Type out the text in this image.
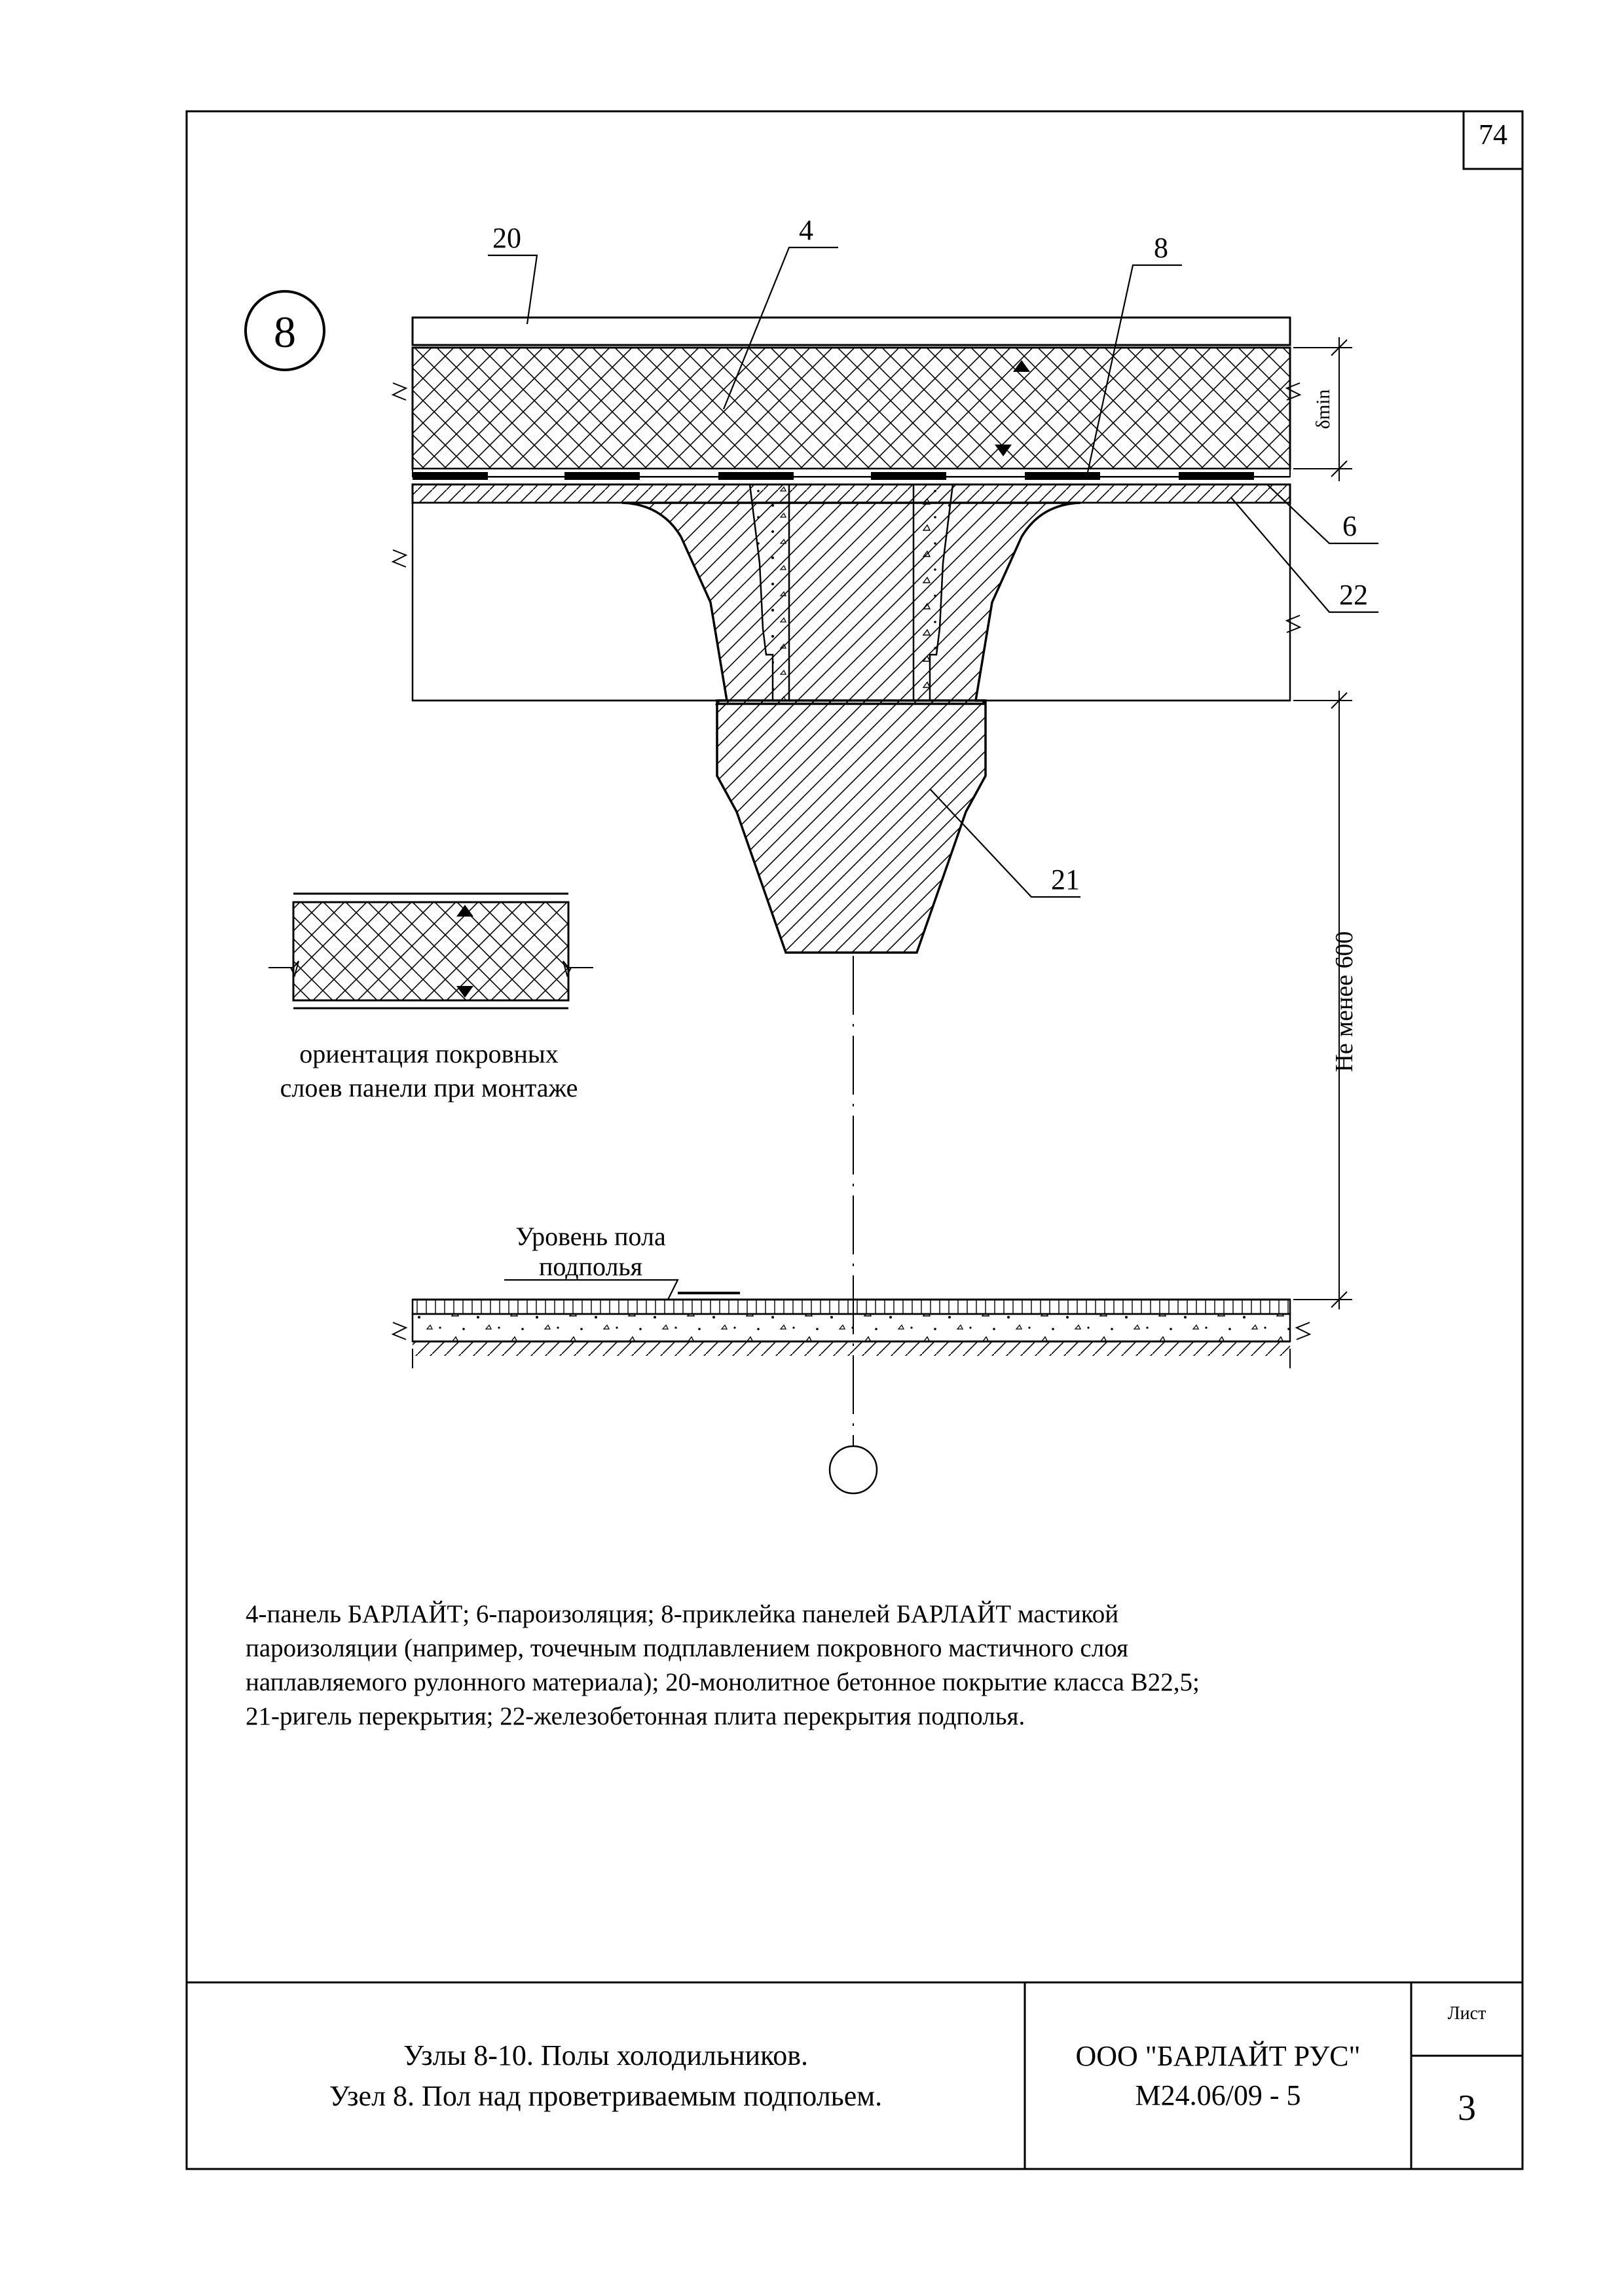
8
20	4
8
6
22
21
δmin
Не менее 600
ориентация покровных
слоев панели при монтаже
Уровень пола
подполья
74
4-панель БАРЛАЙТ; 6-пароизоляция; 8-приклейка панелей БАРЛАЙТ мастикой
пароизоляции (например, точечным подплавлением покровного мастичного слоя
наплавляемого рулонного материала); 20-монолитное бетонное покрытие класса В22,5;
21-ригель перекрытия; 22-железобетонная плита перекрытия подполья.
Узлы 8-10. Полы холодильников.
Узел 8. Пол над проветриваемым подпольем.
ООО "БАРЛАЙТ РУС"
М24.06/09 - 5
Лист
3
